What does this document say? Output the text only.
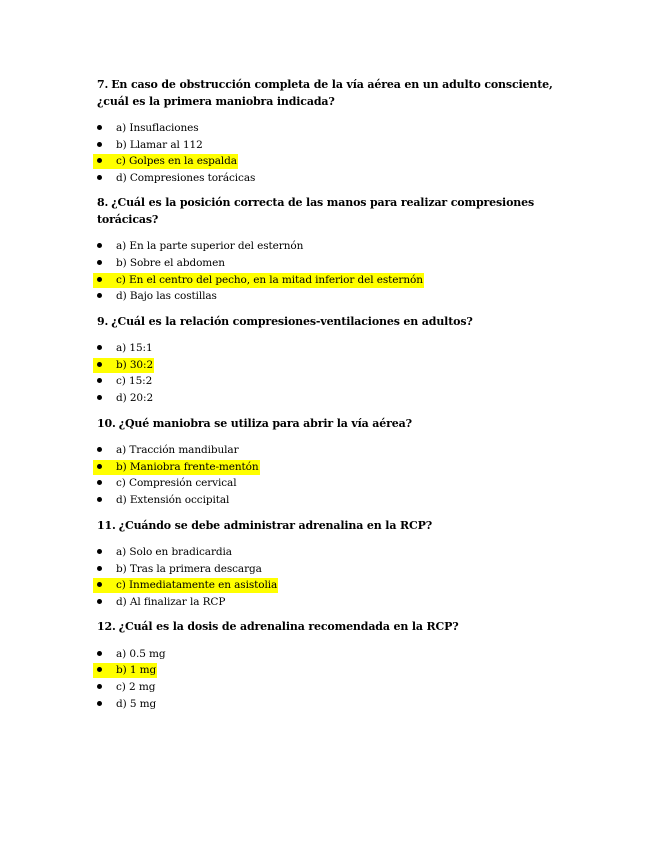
7. En caso de obstrucción completa de la vía aérea en un adulto consciente, ¿cuál es la primera maniobra indicada?

a) Insuflaciones
b) Llamar al 112
c) Golpes en la espalda
d) Compresiones torácicas

8. ¿Cuál es la posición correcta de las manos para realizar compresiones torácicas?

a) En la parte superior del esternón
b) Sobre el abdomen
c) En el centro del pecho, en la mitad inferior del esternón
d) Bajo las costillas

9. ¿Cuál es la relación compresiones-ventilaciones en adultos?

a) 15:1
b) 30:2
c) 15:2
d) 20:2

10. ¿Qué maniobra se utiliza para abrir la vía aérea?

a) Tracción mandibular
b) Maniobra frente-mentón
c) Compresión cervical
d) Extensión occipital

11. ¿Cuándo se debe administrar adrenalina en la RCP?

a) Solo en bradicardia
b) Tras la primera descarga
c) Inmediatamente en asistolia
d) Al finalizar la RCP

12. ¿Cuál es la dosis de adrenalina recomendada en la RCP?

a) 0.5 mg
b) 1 mg
c) 2 mg
d) 5 mg
